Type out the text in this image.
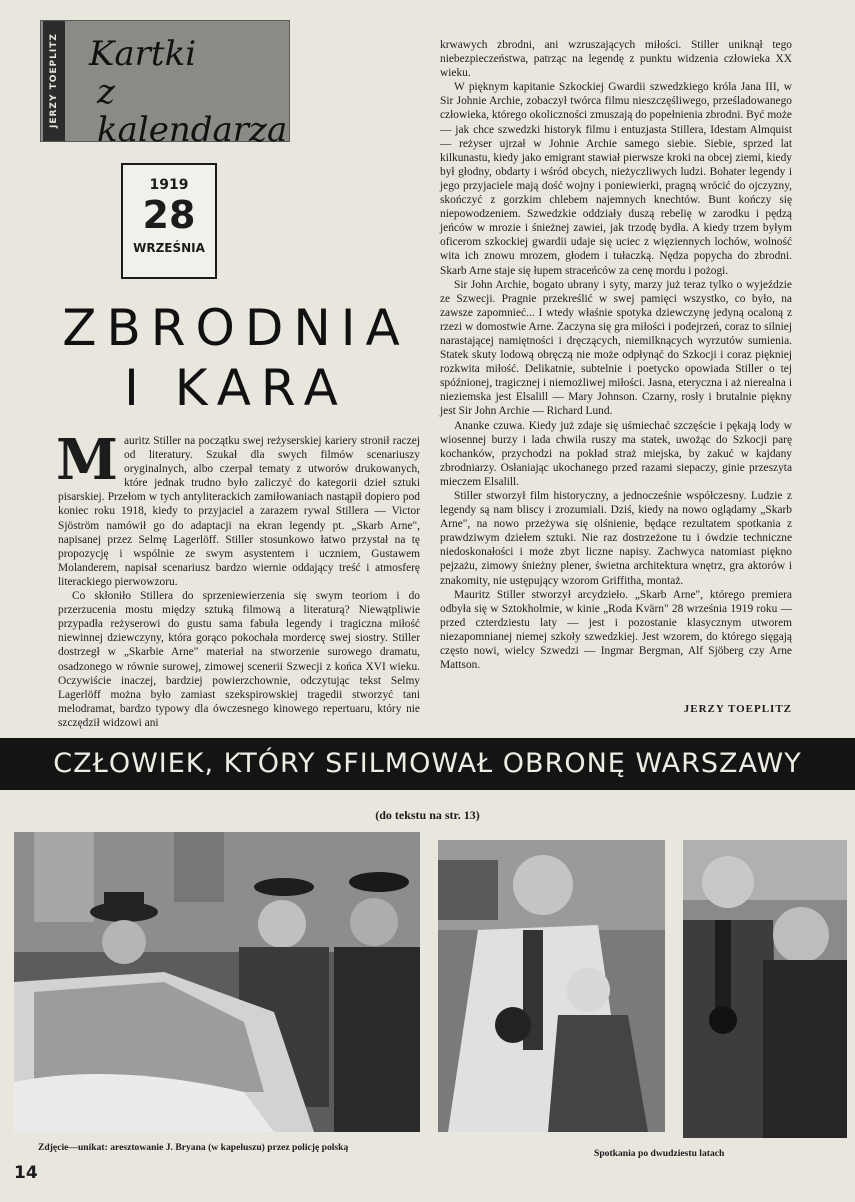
JERZY TOEPLITZ Kartki
z kalendarza
1919
28
WRZEŚNIA
ZBRODNIA
I KARA
M auritz Stiller na początku swej reżyserskiej kariery stronił raczej od literatury. Szukał dla swych filmów scenariuszy oryginalnych, albo czerpał tematy z utworów drukowanych, które jednak trudno było zaliczyć do kategorii dzieł sztuki pisarskiej. Przełom w tych antyliterackich zamiłowaniach nastąpił dopiero pod koniec roku 1918, kiedy to przyjaciel a zarazem rywal Stillera — Victor Sjöström namówił go do adaptacji na ekran legendy pt. „Skarb Arne", napisanej przez Selmę Lagerlöff. Stiller stosunkowo łatwo przystał na tę propozycję i wspólnie ze swym asystentem i uczniem, Gustawem Molanderem, napisał scenariusz bardzo wiernie oddający treść i atmosferę literackiego pierwowzoru.

Co skłoniło Stillera do sprzeniewierzenia się swym teoriom i do przerzucenia mostu między sztuką filmową a literaturą? Niewątpliwie przypadła reżyserowi do gustu sama fabuła legendy i tragiczna miłość niewinnej dziewczyny, która gorąco pokochała mordercę swej siostry. Stiller dostrzegł w „Skarbie Arne" materiał na stworzenie surowego dramatu, osadzonego w równie surowej, zimowej scenerii Szwecji z końca XVI wieku. Oczywiście inaczej, bardziej powierzchownie, odczytując tekst Selmy Lagerlöff można było zamiast szekspirowskiej tragedii stworzyć tani melodramat, bardzo typowy dla ówczesnego kinowego repertuaru, który nie szczędził widzowi ani

krwawych zbrodni, ani wzruszających miłości. Stiller uniknął tego niebezpieczeństwa, patrząc na legendę z punktu widzenia człowieka XX wieku.

W pięknym kapitanie Szkockiej Gwardii szwedzkiego króla Jana III, w Sir Johnie Archie, zobaczył twórca filmu nieszczęśliwego, prześladowanego człowieka, którego okoliczności zmuszają do popełnienia zbrodni. Być może — jak chce szwedzki historyk filmu i entuzjasta Stillera, Idestam Almquist — reżyser ujrzał w Johnie Archie samego siebie. Siebie, sprzed lat kilkunastu, kiedy jako emigrant stawiał pierwsze kroki na obcej ziemi, kiedy był głodny, obdarty i wśród obcych, nieżyczliwych ludzi. Bohater legendy i jego przyjaciele mają dość wojny i poniewierki, pragną wrócić do ojczyzny, skończyć z gorzkim chlebem najemnych knechtów. Bunt kończy się niepowodzeniem. Szwedzkie oddziały duszą rebelię w zarodku i pędzą jeńców w mrozie i śnieżnej zawiei, jak trzodę bydła. A kiedy trzem byłym oficerom szkockiej gwardii udaje się uciec z więziennych lochów, wolność wita ich znowu mrozem, głodem i tułaczką. Nędza popycha do zbrodni. Skarb Arne staje się łupem straceńców za cenę mordu i pożogi.

Sir John Archie, bogato ubrany i syty, marzy już teraz tylko o wyjeździe ze Szwecji. Pragnie przekreślić w swej pamięci wszystko, co było, na zawsze zapomnieć... I wtedy właśnie spotyka dziewczynę jedyną ocaloną z rzezi w domostwie Arne. Zaczyna się gra miłości i podejrzeń, coraz to silniej narastającej namiętności i dręczących, niemilknących wyrzutów sumienia. Statek skuty lodową obręczą nie może odpłynąć do Szkocji i coraz piękniej rozkwita miłość. Delikatnie, subtelnie i poetycko opowiada Stiller o tej spóźnionej, tragicznej i niemożliwej miłości. Jasna, eteryczna i aż nierealna i nieziemska jest Elsalill — Mary Johnson. Czarny, rosły i brutalnie piękny jest Sir John Archie — Richard Lund.

Ananke czuwa. Kiedy już zdaje się uśmiechać szczęście i pękają lody w wiosennej burzy i lada chwila ruszy ma statek, uwożąc do Szkocji parę kochanków, przychodzi na pokład straż miejska, by zakuć w kajdany zbrodniarzy. Osłaniając ukochanego przed razami siepaczy, ginie przeszyta mieczem Elsalill.

Stiller stworzył film historyczny, a jednocześnie współczesny. Ludzie z legendy są nam bliscy i zrozumiali. Dziś, kiedy na nowo oglądamy „Skarb Arne", na nowo przeżywa się olśnienie, będące rezultatem spotkania z prawdziwym dziełem sztuki. Nie raz dostrzeżone tu i ówdzie techniczne niedoskonałości i może zbyt liczne napisy. Zachwyca natomiast piękno pejzażu, zimowy śnieżny plener, świetna architektura wnętrz, gra aktorów i znakomity, nie ustępujący wzorom Griffitha, montaż.

Mauritz Stiller stworzył arcydzieło. „Skarb Arne", którego premiera odbyła się w Sztokholmie, w kinie „Roda Kvärn" 28 września 1919 roku — przed czterdziestu laty — jest i pozostanie klasycznym utworem niezapomnianej niemej szkoły szwedzkiej. Jest wzorem, do którego sięgają często nowi, wielcy Szwedzi — Ingmar Bergman, Alf Sjöberg czy Arne Mattson.

JERZY TOEPLITZ
CZŁOWIEK, KTÓRY SFILMOWAŁ OBRONĘ WARSZAWY
(do tekstu na str. 13)
Zdjęcie—unikat: aresztowanie J. Bryana (w kapeluszu) przez policję polską
Spotkania po dwudziestu latach
14
